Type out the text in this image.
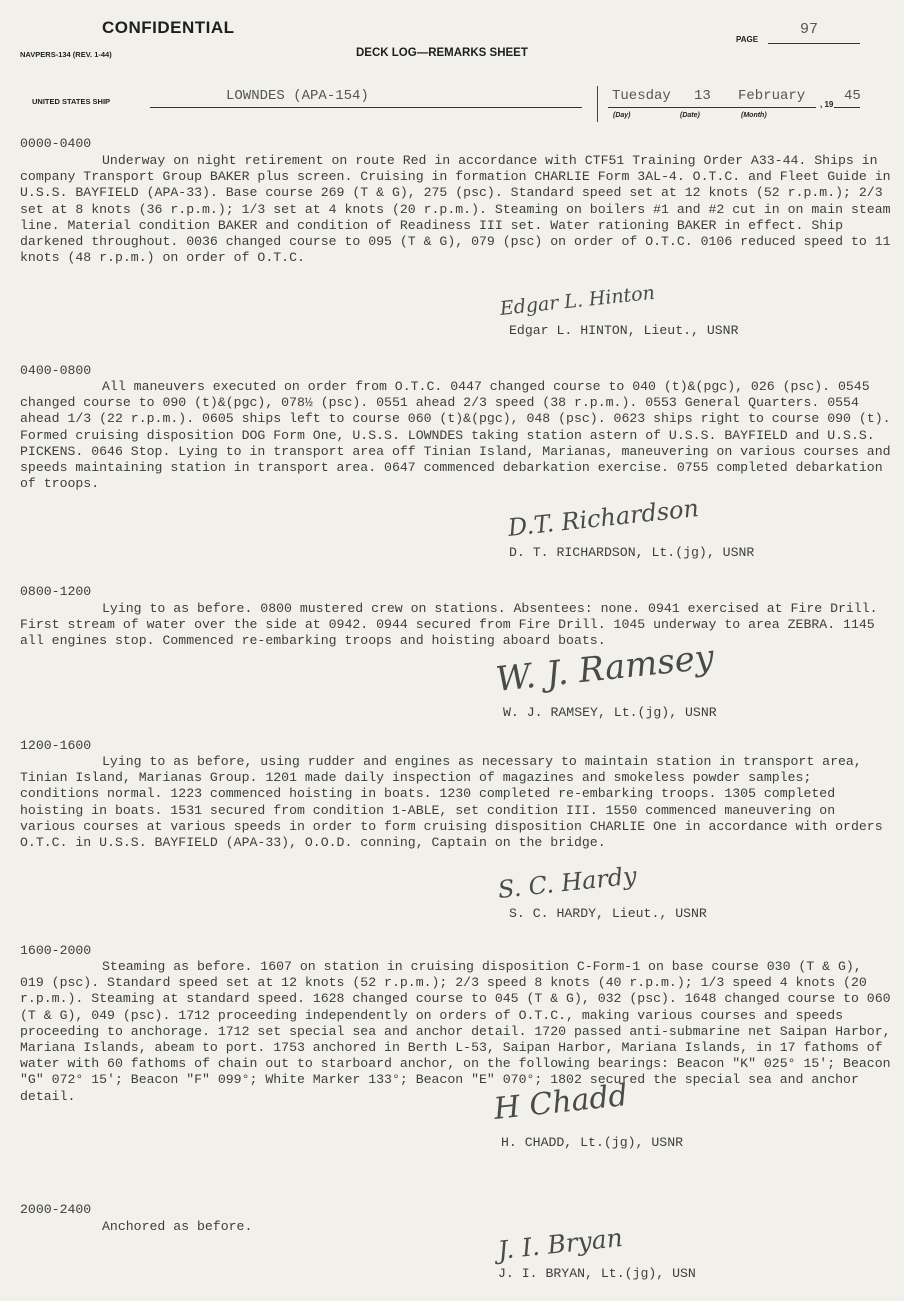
CONFIDENTIAL
PAGE
97
NAVPERS-134 (REV. 1-44)	DECK LOG—REMARKS SHEET
UNITED STATES SHIP	LOWNDES (APA-154)	Tuesday 13 February
(Day)	(Date)	(Month)
, 19
45
0000-0400

Underway on night retirement on route Red in accordance with CTF51 Training Order A33-44. Ships in company Transport Group BAKER plus screen. Cruising in formation CHARLIE Form 3AL-4. O.T.C. and Fleet Guide in U.S.S. BAYFIELD (APA-33). Base course 269 (T & G), 275 (psc). Standard speed set at 12 knots (52 r.p.m.); 2/3 set at 8 knots (36 r.p.m.); 1/3 set at 4 knots (20 r.p.m.). Steaming on boilers #1 and #2 cut in on main steam line. Material condition BAKER and condition of Readiness III set. Water rationing BAKER in effect. Ship darkened throughout. 0036 changed course to 095 (T & G), 079 (psc) on order of O.T.C. 0106 reduced speed to 11 knots (48 r.p.m.) on order of O.T.C.

Edgar L. Hinton
Edgar L. HINTON, Lieut., USNR
0400-0800

All maneuvers executed on order from O.T.C. 0447 changed course to 040 (t)&(pgc), 026 (psc). 0545 changed course to 090 (t)&(pgc), 078½ (psc). 0551 ahead 2/3 speed (38 r.p.m.). 0553 General Quarters. 0554 ahead 1/3 (22 r.p.m.). 0605 ships left to course 060 (t)&(pgc), 048 (psc). 0623 ships right to course 090 (t). Formed cruising disposition DOG Form One, U.S.S. LOWNDES taking station astern of U.S.S. BAYFIELD and U.S.S. PICKENS. 0646 Stop. Lying to in transport area off Tinian Island, Marianas, maneuvering on various courses and speeds maintaining station in transport area. 0647 commenced debarkation exercise. 0755 completed debarkation of troops.

D.T. Richardson
D. T. RICHARDSON, Lt.(jg), USNR
0800-1200

Lying to as before. 0800 mustered crew on stations. Absentees: none. 0941 exercised at Fire Drill. First stream of water over the side at 0942. 0944 secured from Fire Drill. 1045 underway to area ZEBRA. 1145 all engines stop. Commenced re-embarking troops and hoisting aboard boats.

W. J. Ramsey
W. J. RAMSEY, Lt.(jg), USNR
1200-1600

Lying to as before, using rudder and engines as necessary to maintain station in transport area, Tinian Island, Marianas Group. 1201 made daily inspection of magazines and smokeless powder samples; conditions normal. 1223 commenced hoisting in boats. 1230 completed re-embarking troops. 1305 completed hoisting in boats. 1531 secured from condition 1-ABLE, set condition III. 1550 commenced maneuvering on various courses at various speeds in order to form cruising disposition CHARLIE One in accordance with orders O.T.C. in U.S.S. BAYFIELD (APA-33), O.O.D. conning, Captain on the bridge.

S. C. Hardy
S. C. HARDY, Lieut., USNR
1600-2000

Steaming as before. 1607 on station in cruising disposition C-Form-1 on base course 030 (T & G), 019 (psc). Standard speed set at 12 knots (52 r.p.m.); 2/3 speed 8 knots (40 r.p.m.); 1/3 speed 4 knots (20 r.p.m.). Steaming at standard speed. 1628 changed course to 045 (T & G), 032 (psc). 1648 changed course to 060 (T & G), 049 (psc). 1712 proceeding independently on orders of O.T.C., making various courses and speeds proceeding to anchorage. 1712 set special sea and anchor detail. 1720 passed anti-submarine net Saipan Harbor, Mariana Islands, abeam to port. 1753 anchored in Berth L-53, Saipan Harbor, Mariana Islands, in 17 fathoms of water with 60 fathoms of chain out to starboard anchor, on the following bearings: Beacon "K" 025° 15'; Beacon "G" 072° 15'; Beacon "F" 099°; White Marker 133°; Beacon "E" 070°; 1802 secured the special sea and anchor detail.	H Chadd
H. CHADD, Lt.(jg), USNR
2000-2400

Anchored as before.	J. I. Bryan
J. I. BRYAN, Lt.(jg), USN
